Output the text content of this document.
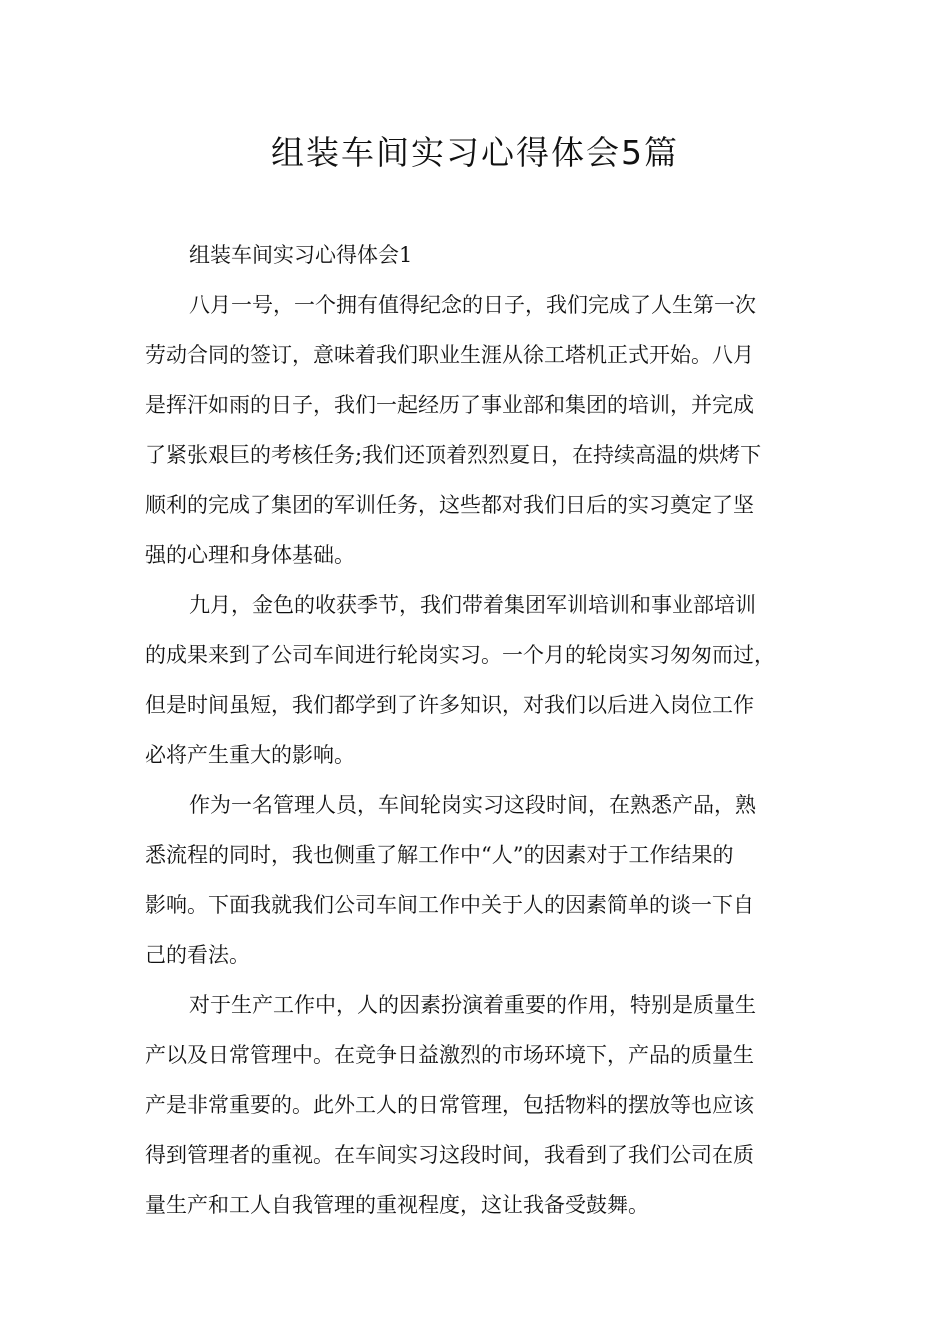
组装车间实习心得体会5篇
组装车间实习心得体会1
八月一号，一个拥有值得纪念的日子，我们完成了人生第一次
劳动合同的签订，意味着我们职业生涯从徐工塔机正式开始。八月
是挥汗如雨的日子，我们一起经历了事业部和集团的培训，并完成
了紧张艰巨的考核任务;我们还顶着烈烈夏日，在持续高温的烘烤下
顺利的完成了集团的军训任务，这些都对我们日后的实习奠定了坚
强的心理和身体基础。
九月，金色的收获季节，我们带着集团军训培训和事业部培训
的成果来到了公司车间进行轮岗实习。一个月的轮岗实习匆匆而过，
但是时间虽短，我们都学到了许多知识，对我们以后进入岗位工作
必将产生重大的影响。
作为一名管理人员，车间轮岗实习这段时间，在熟悉产品，熟
悉流程的同时，我也侧重了解工作中“人”的因素对于工作结果的
影响。下面我就我们公司车间工作中关于人的因素简单的谈一下自
己的看法。
对于生产工作中，人的因素扮演着重要的作用，特别是质量生
产以及日常管理中。在竞争日益激烈的市场环境下，产品的质量生
产是非常重要的。此外工人的日常管理，包括物料的摆放等也应该
得到管理者的重视。在车间实习这段时间，我看到了我们公司在质
量生产和工人自我管理的重视程度，这让我备受鼓舞。
